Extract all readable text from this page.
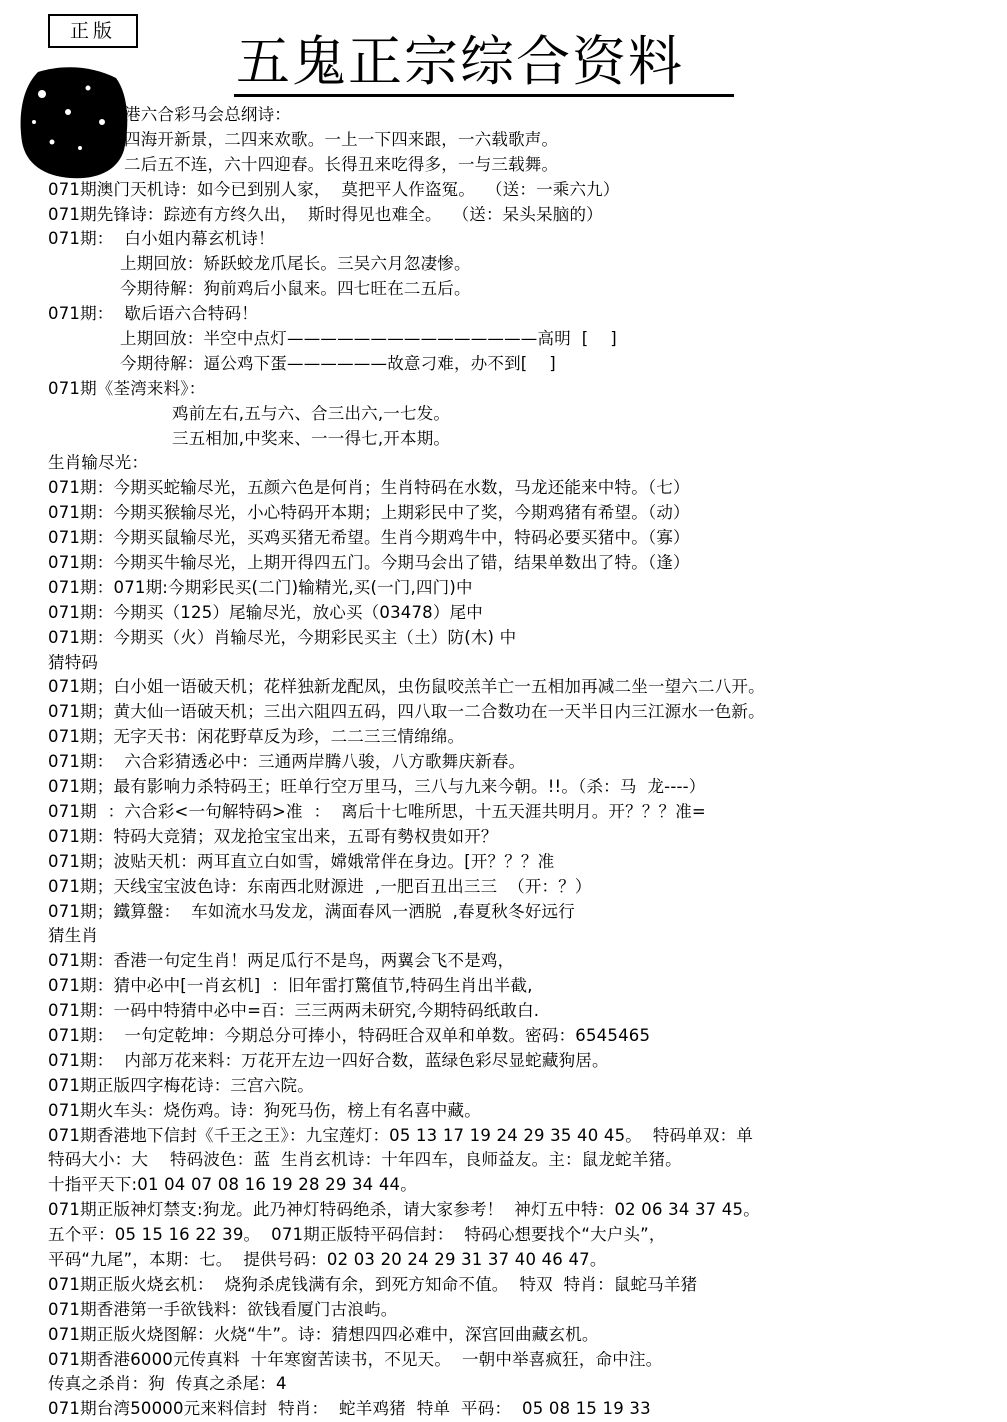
正版	五鬼正宗综合资料
港六合彩马会总纲诗：
四海开新景，二四来欢歌。一上一下四来跟，一六载歌声。
二后五不连，六十四迎春。长得丑来吃得多，一与三载舞。
071期澳门天机诗：如今已到别人家，  莫把平人作盗冤。  （送：一乘六九）
071期先锋诗：踪迹有方终久出，  斯时得见也难全。  （送：呆头呆脑的）
071期：  白小姐内幕玄机诗！
上期回放：矫跃蛟龙爪尾长。三吴六月忽凄惨。
今期待解：狗前鸡后小鼠来。四七旺在二五后。
071期：  歇后语六合特码！
上期回放：半空中点灯———————————————高明  [    ]
今期待解：逼公鸡下蛋——————故意刁难，办不到[    ]
071期《荃湾来料》：
鸡前左右,五与六、合三出六,一七发。
三五相加,中奖来、一一得七,开本期。
生肖输尽光：
071期：今期买蛇输尽光，五颜六色是何肖；生肖特码在水数，马龙还能来中特。（七）
071期：今期买猴输尽光，小心特码开本期；上期彩民中了奖，今期鸡猪有希望。（动）
071期：今期买鼠输尽光，买鸡买猪无希望。生肖今期鸡牛中，特码必要买猪中。（寡）
071期：今期买牛输尽光，上期开得四五门。今期马会出了错，结果单数出了特。（逢）
071期：071期:今期彩民买(二门)输精光,买(一门,四门)中
071期：今期买（125）尾输尽光，放心买（03478）尾中
071期：今期买（火）肖输尽光，今期彩民买主（土）防(木) 中
猜特码
071期；白小姐一语破天机；花样独新龙配凤，虫伤鼠咬羔羊亡一五相加再减二坐一望六二八开。
071期；黄大仙一语破天机；三出六阻四五码，四八取一二合数功在一天半日内三江源水一色新。
071期；无字天书：闲花野草反为珍，二二三三情绵绵。
071期：  六合彩猜透必中：三通两岸腾八骏，八方歌舞庆新春。
071期；最有影响力杀特码王；旺单行空万里马，三八与九来今朝。!!。（杀：马  龙----）
071期  ：六合彩<一句解特码>准  ：  离后十七唯所思，十五天涯共明月。开？？？准=
071期：特码大竞猜；双龙抢宝宝出来，五哥有勢权贵如开？
071期；波贴天机：两耳直立白如雪，嫦娥常伴在身边。[开？？？准
071期；天线宝宝波色诗：东南西北财源进  ,一肥百丑出三三  （开：？）
071期；鐵算盤：  车如流水马发龙，满面春风一洒脱  ,春夏秋冬好远行
猜生肖
071期：香港一句定生肖！两足瓜行不是鸟，两翼会飞不是鸡，
071期：猜中必中[一肖玄机]  ：旧年雷打驚值节,特码生肖出半截,
071期：一码中特猜中必中=百：三三两两未研究,今期特码纸敢白.
071期：  一句定乾坤：今期总分可捧小，特码旺合双单和单数。密码：6545465
071期：  内部万花来料：万花开左边一四好合数，蓝绿色彩尽显蛇藏狗居。
071期正版四字梅花诗：三宫六院。
071期火车头：烧伤鸡。诗：狗死马伤，榜上有名喜中藏。
071期香港地下信封《千王之王》：九宝莲灯：05 13 17 19 24 29 35 40 45。  特码单双：单
特码大小：大    特码波色：蓝  生肖玄机诗：十年四车，良师益友。主：鼠龙蛇羊猪。
十指平天下:01 04 07 08 16 19 28 29 34 44。
071期正版神灯禁支:狗龙。此乃神灯特码绝杀，请大家参考！  神灯五中特：02 06 34 37 45。
五个平：05 15 16 22 39。  071期正版特平码信封：  特码心想要找个“大户头”，
平码“九尾”，本期：七。  提供号码：02 03 20 24 29 31 37 40 46 47。
071期正版火烧玄机：  烧狗杀虎钱满有余，到死方知命不值。  特双  特肖：鼠蛇马羊猪
071期香港第一手欲钱料：欲钱看厦门古浪屿。
071期正版火烧图解：火烧“牛”。诗：猜想四四必难中，深宫回曲藏玄机。
071期香港6000元传真料  十年寒窗苦读书，不见天。  一朝中举喜疯狂，命中注。
传真之杀肖：狗  传真之杀尾：4
071期台湾50000元来料信封  特肖：  蛇羊鸡猪  特单  平码：  05 08 15 19 33
